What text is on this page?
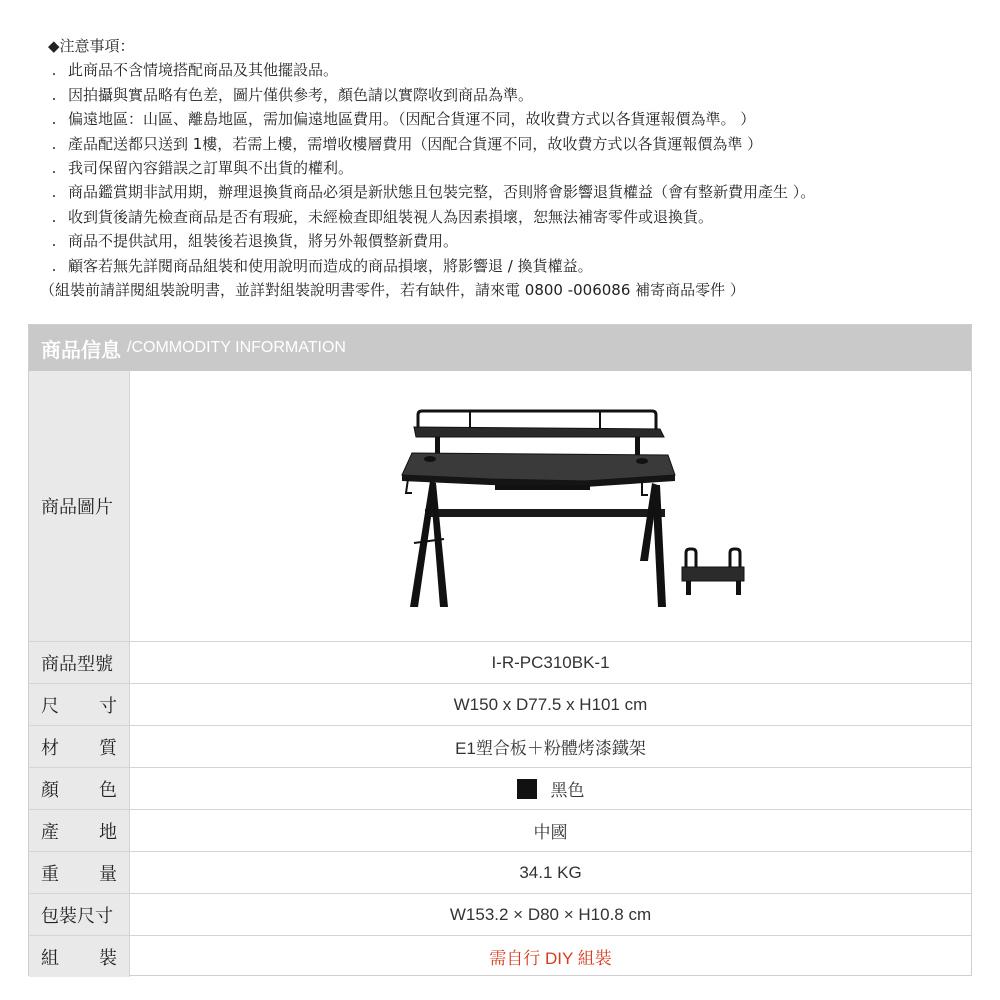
◆注意事項：
. 此商品不含情境搭配商品及其他擺設品。
. 因拍攝與實品略有色差，圖片僅供參考，顏色請以實際收到商品為準。
. 偏遠地區：山區、離島地區，需加偏遠地區費用。（因配合貨運不同，故收費方式以各貨運報價為準。 ）
. 產品配送都只送到 1樓，若需上樓，需增收樓層費用（因配合貨運不同，故收費方式以各貨運報價為準 ）
. 我司保留內容錯誤之訂單與不出貨的權利。
. 商品鑑賞期非試用期，辦理退換貨商品必須是新狀態且包裝完整，否則將會影響退貨權益（會有整新費用產生 ）。
. 收到貨後請先檢查商品是否有瑕疵，未經檢查即組裝視人為因素損壞，恕無法補寄零件或退換貨。
. 商品不提供試用，組裝後若退換貨，將另外報價整新費用。
. 顧客若無先詳閱商品組裝和使用說明而造成的商品損壞，將影響退 / 換貨權益。
（組裝前請詳閱組裝說明書，並詳對組裝說明書零件，若有缺件，請來電 0800 -006086 補寄商品零件 ）
商品信息 /COMMODITY INFORMATION
商品圖片
商品型號	I-R-PC310BK-1
尺 寸	W150 x D77.5 x H101 cm
材 質	E1塑合板＋粉體烤漆鐵架
顏 色	黑色
產 地	中國
重 量	34.1 KG
包裝尺寸	W153.2 × D80 × H10.8 cm
組 裝	需自行 DIY 組裝
